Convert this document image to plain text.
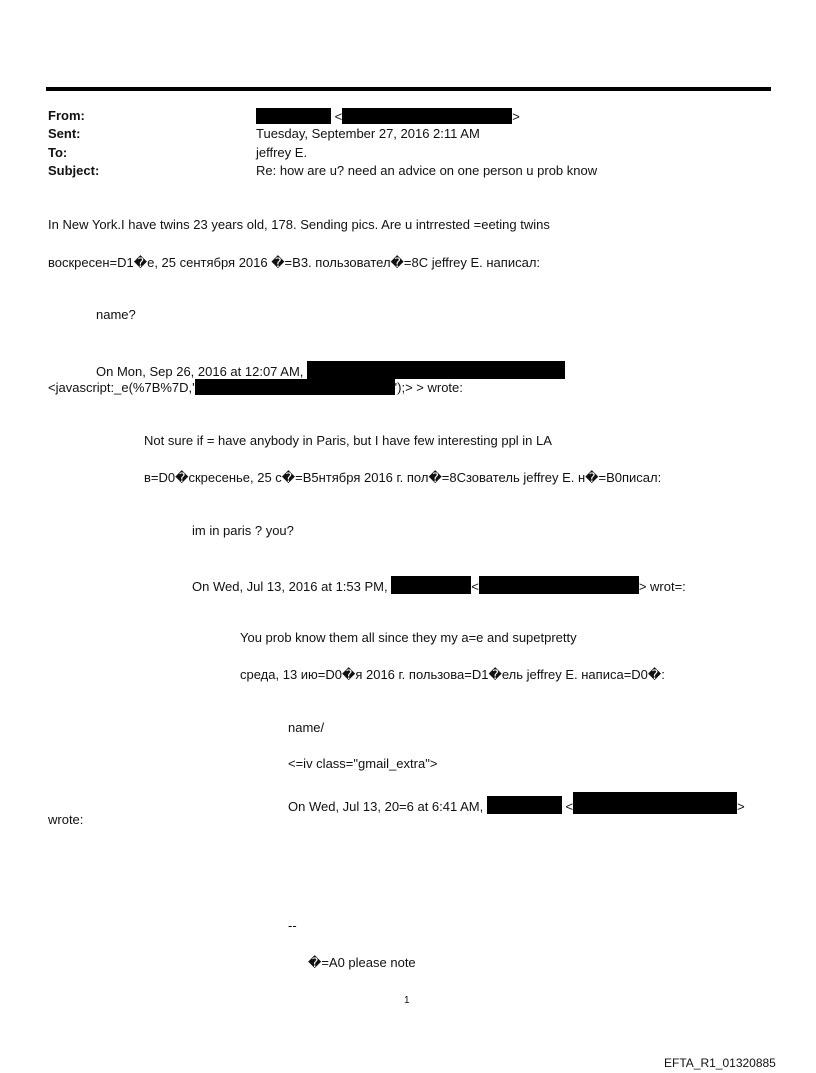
From:	<	>
Sent:	Tuesday, September 27, 2016 2:11 AM
To:	jeffrey E.
Subject:	Re: how are u? need an advice on one person u prob know
In New York.I have twins 23 years old, 178. Sending pics. Are u intrrested =eeting twins
воскресен=D1�е, 25 сентября 2016 �=B3. пользовател�=8C jeffrey E. написал:
name?
On Mon, Sep 26, 2016 at 12:07 AM,
<javascript:_e(%7B%7D,'	');> > wrote:
Not sure if = have anybody in Paris, but I have few interesting ppl in LA
в=D0�скресенье, 25 с�=B5нтября 2016 г. пол�=8Cзователь jeffrey E. н�=B0писал:
im in paris ? you?
On Wed, Jul 13, 2016 at 1:53 PM,	<	> wrot=:
You prob know them all since they my a=e and supetpretty
среда, 13 ию=D0�я 2016 г. пользова=D1�ель jeffrey E. написа=D0�:
name/
<=iv class="gmail_extra">
On Wed, Jul 13, 20=6 at 6:41 AM,	<	>
wrote:
--
�=A0 please note
1
EFTA_R1_01320885
